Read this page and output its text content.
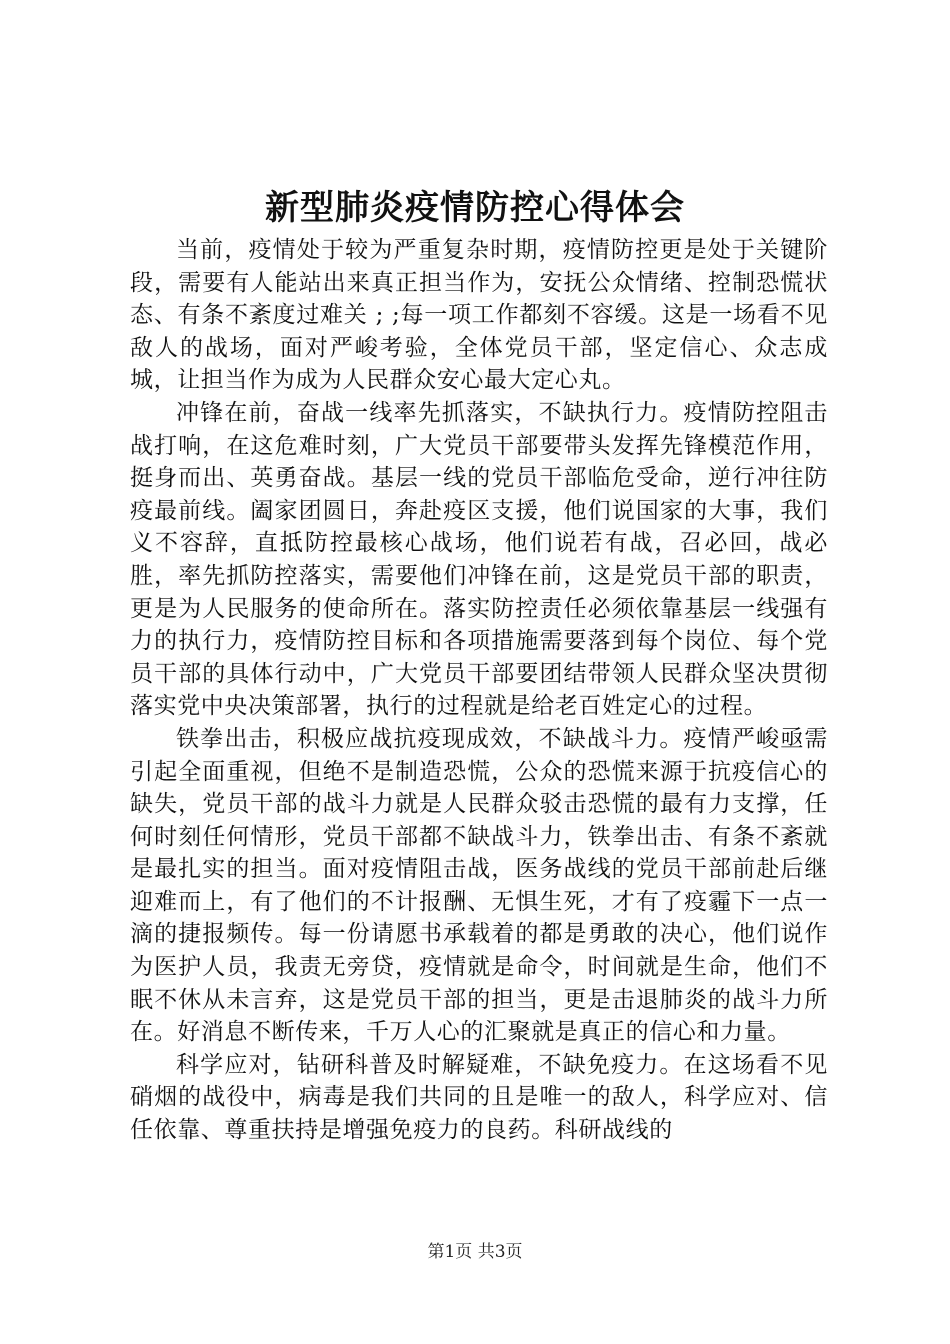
新型肺炎疫情防控心得体会

当前，疫情处于较为严重复杂时期，疫情防控更是处于关键阶段，需要有人能站出来真正担当作为，安抚公众情绪、控制恐慌状态、有条不紊度过难关 ; ;每一项工作都刻不容缓。这是一场看不见敌人的战场，面对严峻考验，全体党员干部，坚定信心、众志成城，让担当作为成为人民群众安心最大定心丸。

冲锋在前，奋战一线率先抓落实，不缺执行力。疫情防控阻击战打响，在这危难时刻，广大党员干部要带头发挥先锋模范作用，挺身而出、英勇奋战。基层一线的党员干部临危受命，逆行冲往防疫最前线。阖家团圆日，奔赴疫区支援，他们说国家的大事，我们义不容辞，直抵防控最核心战场，他们说若有战，召必回，战必胜，率先抓防控落实，需要他们冲锋在前，这是党员干部的职责，更是为人民服务的使命所在。落实防控责任必须依靠基层一线强有力的执行力，疫情防控目标和各项措施需要落到每个岗位、每个党员干部的具体行动中，广大党员干部要团结带领人民群众坚决贯彻落实党中央决策部署，执行的过程就是给老百姓定心的过程。

铁拳出击，积极应战抗疫现成效，不缺战斗力。疫情严峻亟需引起全面重视，但绝不是制造恐慌，公众的恐慌来源于抗疫信心的缺失，党员干部的战斗力就是人民群众驳击恐慌的最有力支撑，任何时刻任何情形，党员干部都不缺战斗力，铁拳出击、有条不紊就是最扎实的担当。面对疫情阻击战，医务战线的党员干部前赴后继迎难而上，有了他们的不计报酬、无惧生死，才有了疫霾下一点一滴的捷报频传。每一份请愿书承载着的都是勇敢的决心，他们说作为医护人员，我责无旁贷，疫情就是命令，时间就是生命，他们不眠不休从未言弃，这是党员干部的担当，更是击退肺炎的战斗力所在。好消息不断传来，千万人心的汇聚就是真正的信心和力量。

科学应对，钻研科普及时解疑难，不缺免疫力。在这场看不见硝烟的战役中，病毒是我们共同的且是唯一的敌人，科学应对、信任依靠、尊重扶持是增强免疫力的良药。科研战线的

第1页 共3页
